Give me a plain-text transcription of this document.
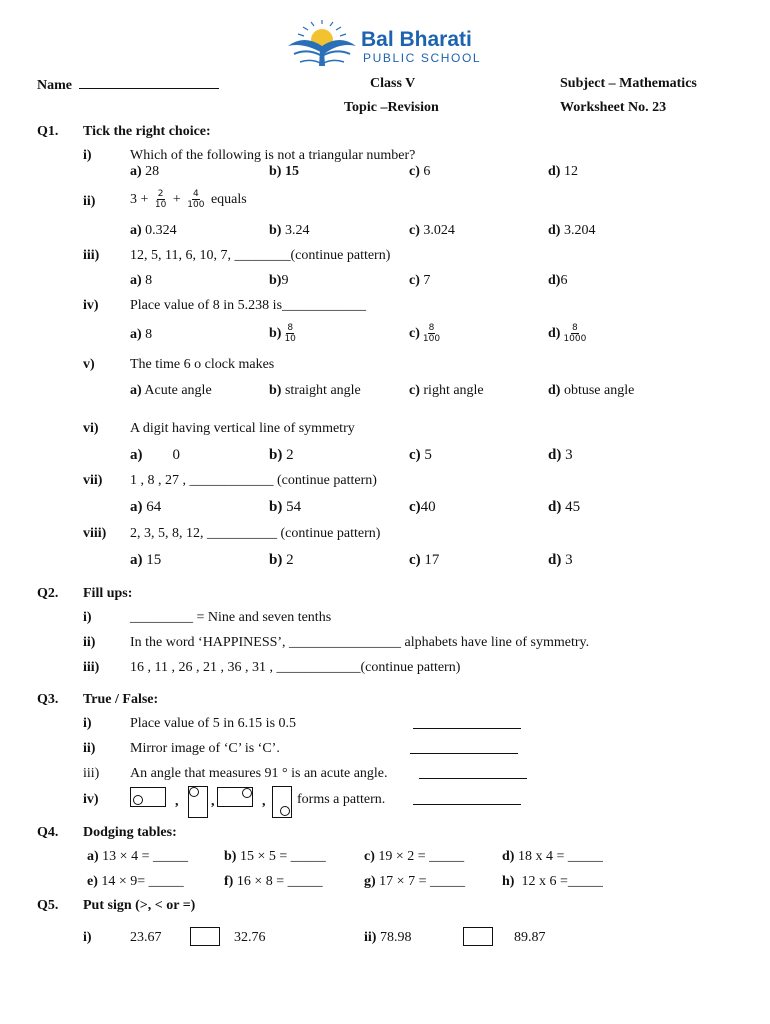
Bal Bharati
PUBLIC SCHOOL
Name	Class V	Subject – Mathematics
Topic –Revision	Worksheet No. 23
Q1. Tick the right choice:
i)	Which of the following is not a triangular number?
a) 28	b) 15	c) 6	d) 12
ii) $3 + \frac{2}{10} + \frac{4}{100}$ equals
a) 0.324	b) 3.24	c) 3.024	d) 3.204
iii) 12, 5, 11, 6, 10, 7, ________(continue pattern)
a) 8	b)9	c) 7	d)6
iv) Place value of 8 in 5.238 is____________
a) 8	$b) \frac{8}{10}$	$c) \frac{8}{100}$	$d) \frac{8}{1000}$
v)	The time 6 o clock makes
a) Acute angle	b) straight angle	c) right angle	d) obtuse angle
vi) A digit having vertical line of symmetry
a) 0	b) 2	c) 5	d) 3
vii) 1 , 8 , 27 , ____________ (continue pattern)
a) 64	b) 54	c)40	d) 45
viii) 2, 3, 5, 8, 12, __________ (continue pattern)
a) 15	b) 2	c) 17	d) 3
Q2. Fill ups:
i)	_________ = Nine and seven tenths
ii) In the word ‘HAPPINESS’, ________________ alphabets have line of symmetry.
iii) 16 , 11 , 26 , 21 , 36 , 31 , ____________(continue pattern)
Q3. True / False:
i)	Place value of 5 in 6.15 is 0.5
ii) Mirror image of ‘C’ is ‘C’.
iii) An angle that measures 91 ° is an acute angle.
iv)	, ,	, forms a pattern.
Q4. Dodging tables:
a) 13 × 4 = _____	b) 15 × 5 = _____	c) 19 × 2 = _____	d) 18 x 4 = _____
e) 14 × 9= _____	f) 16 × 8 = _____	g) 17 × 7 = _____	h)  12 x 6 =_____
Q5. Put sign (>, < or =)
i)	23.67	32.76	ii) 78.98	89.87
